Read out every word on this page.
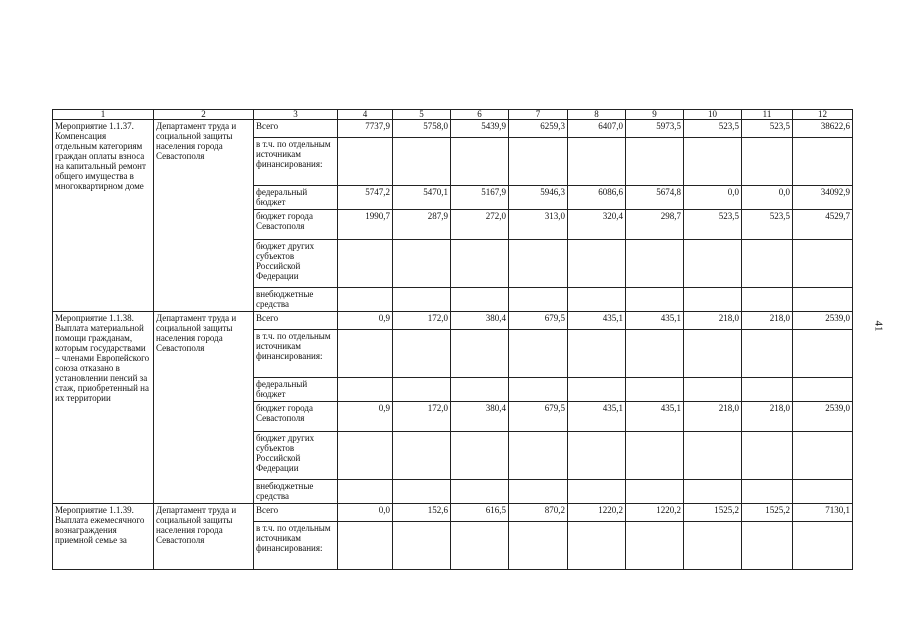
1	2	3	4	5	6	7	8	9	10	11	12
Мероприятие 1.1.37. Компенсация отдельным категориям граждан оплаты взноса на капитальный ремонт общего имущества в многоквартирном доме	Департамент труда и социальной защиты населения города Севастополя	Всего	7737,9	5758,0	5439,9	6259,3	6407,0	5973,5	523,5	523,5	38622,6
		в т.ч. по отдельным источникам финансирования:									
		федеральный бюджет	5747,2	5470,1	5167,9	5946,3	6086,6	5674,8	0,0	0,0	34092,9
		бюджет города Севастополя	1990,7	287,9	272,0	313,0	320,4	298,7	523,5	523,5	4529,7
		бюджет других субъектов Российской Федерации									
		внебюджетные средства									
Мероприятие 1.1.38. Выплата материальной помощи гражданам, которым государствами – членами Европейского союза отказано в установлении пенсий за стаж, приобретенный на их территории	Департамент труда и социальной защиты населения города Севастополя	Всего	0,9	172,0	380,4	679,5	435,1	435,1	218,0	218,0	2539,0
		в т.ч. по отдельным источникам финансирования:									
		федеральный бюджет									
		бюджет города Севастополя	0,9	172,0	380,4	679,5	435,1	435,1	218,0	218,0	2539,0
		бюджет других субъектов Российской Федерации									
		внебюджетные средства									
Мероприятие 1.1.39. Выплата ежемесячного вознаграждения приемной семье за	Департамент труда и социальной защиты населения города Севастополя	Всего	0,0	152,6	616,5	870,2	1220,2	1220,2	1525,2	1525,2	7130,1
		в т.ч. по отдельным источникам финансирования:									
41
